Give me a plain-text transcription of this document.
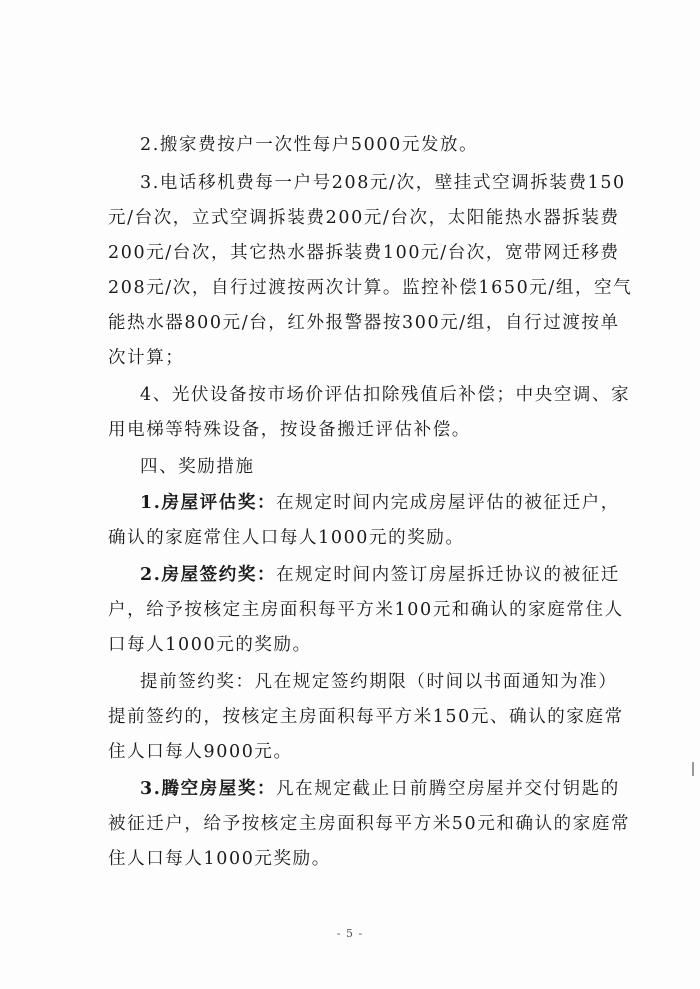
2.搬家费按户一次性每户5000元发放。
3.电话移机费每一户号208元/次，壁挂式空调拆装费150
元/台次，立式空调拆装费200元/台次，太阳能热水器拆装费
200元/台次，其它热水器拆装费100元/台次，宽带网迁移费
208元/次，自行过渡按两次计算。监控补偿1650元/组，空气
能热水器800元/台，红外报警器按300元/组，自行过渡按单
次计算；
4、光伏设备按市场价评估扣除残值后补偿；中央空调、家
用电梯等特殊设备，按设备搬迁评估补偿。
四、奖励措施
1.房屋评估奖：在规定时间内完成房屋评估的被征迁户，
确认的家庭常住人口每人1000元的奖励。
2.房屋签约奖：在规定时间内签订房屋拆迁协议的被征迁
户，给予按核定主房面积每平方米100元和确认的家庭常住人
口每人1000元的奖励。
提前签约奖：凡在规定签约期限（时间以书面通知为准）
提前签约的，按核定主房面积每平方米150元、确认的家庭常
住人口每人9000元。
3.腾空房屋奖：凡在规定截止日前腾空房屋并交付钥匙的
被征迁户，给予按核定主房面积每平方米50元和确认的家庭常
住人口每人1000元奖励。
- 5 -
